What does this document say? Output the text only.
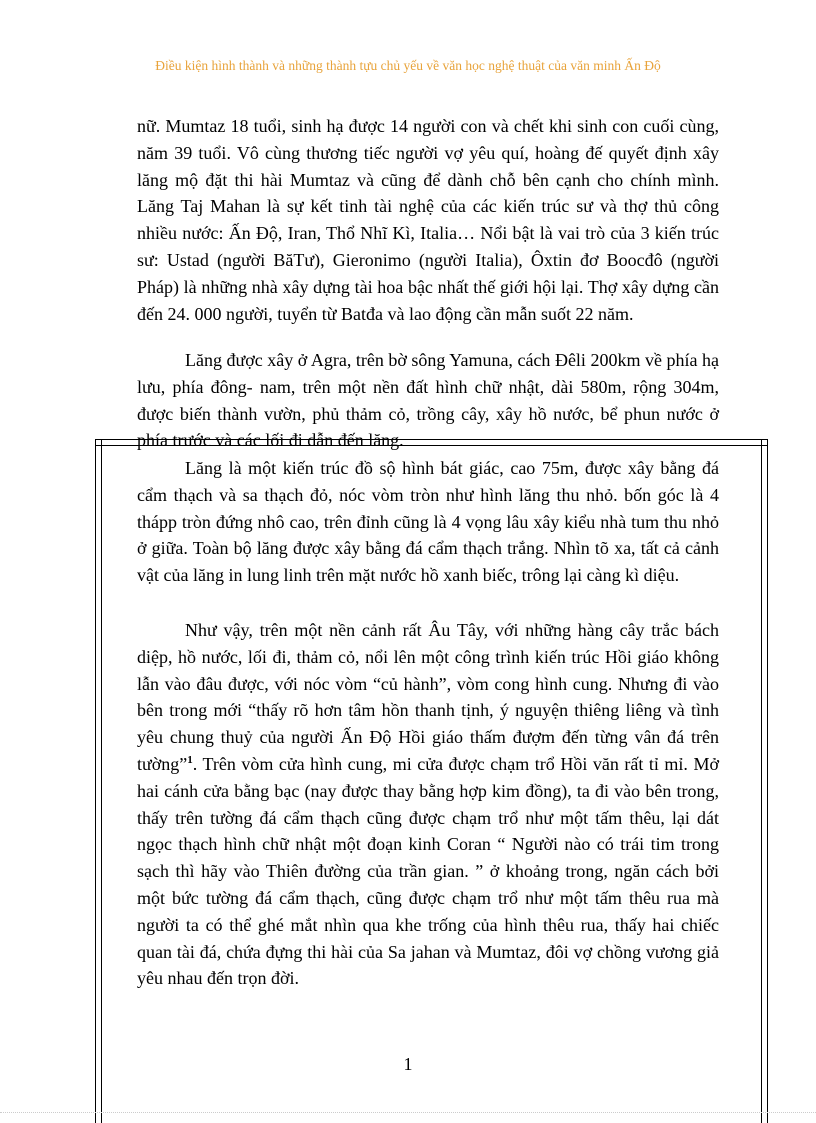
Điều kiện hình thành và những thành tựu chủ yếu về văn học nghệ thuật của văn minh Ấn Độ

nữ. Mumtaz 18 tuổi, sinh hạ được 14 người con và chết khi sinh con cuối cùng, năm 39 tuổi. Vô cùng thương tiếc người vợ yêu quí, hoàng đế quyết định xây lăng mộ đặt thi hài Mumtaz và cũng để dành chỗ bên cạnh cho chính mình. Lăng Taj Mahan là sự kết tinh tài nghệ của các kiến trúc sư và thợ thủ công nhiều nước: Ấn Độ, Iran, Thổ Nhĩ Kì, Italia… Nổi bật là vai trò của 3 kiến trúc sư: Ustad (người BăTư), Gieronimo (người Italia), Ôxtin đơ Boocđô (người Pháp) là những nhà xây dựng tài hoa bậc nhất thế giới hội lại. Thợ xây dựng cần đến 24. 000 người, tuyển từ Batđa và lao động cần mẫn suốt 22 năm.

Lăng được xây ở Agra, trên bờ sông Yamuna, cách Đêli 200km về phía hạ lưu, phía đông- nam, trên một nền đất hình chữ nhật, dài 580m, rộng 304m, được biến thành vườn, phủ thảm cỏ, trồng cây, xây hồ nước, bể phun nước ở phía trước và các lối đi dẫn đến lăng.

Lăng là một kiến trúc đồ sộ hình bát giác, cao 75m, được xây bằng đá cẩm thạch và sa thạch đỏ, nóc vòm tròn như hình lăng thu nhỏ. bốn góc là 4 thápp tròn đứng nhô cao, trên đỉnh cũng là 4 vọng lâu xây kiểu nhà tum thu nhỏ ở giữa. Toàn bộ lăng được xây bằng đá cẩm thạch trắng. Nhìn tõ xa, tất cả cảnh vật của lăng in lung linh trên mặt nước hồ xanh biếc, trông lại càng kì diệu.

Như vậy, trên một nền cảnh rất Âu Tây, với những hàng cây trắc bách diệp, hồ nước, lối đi, thảm cỏ, nổi lên một công trình kiến trúc Hồi giáo không lẫn vào đâu được, với nóc vòm “củ hành”, vòm cong hình cung. Nhưng đi vào bên trong mới “thấy rõ hơn tâm hồn thanh tịnh, ý nguyện thiêng liêng và tình yêu chung thuỷ của người Ấn Độ Hồi giáo thấm đượm đến từng vân đá trên tường”$^1$. Trên vòm cửa hình cung, mi cửa được chạm trổ Hồi văn rất tỉ mỉ. Mở hai cánh cửa bằng bạc (nay được thay bằng hợp kim đồng), ta đi vào bên trong, thấy trên tường đá cẩm thạch cũng được chạm trổ như một tấm thêu, lại dát ngọc thạch hình chữ nhật một đoạn kinh Coran “ Người nào có trái tim trong sạch thì hãy vào Thiên đường của trần gian. ” ở khoảng trong, ngăn cách bởi một bức tường đá cẩm thạch, cũng được chạm trổ như một tấm thêu rua mà người ta có thể ghé mắt nhìn qua khe trống của hình thêu rua, thấy hai chiếc quan tài đá, chứa đựng thi hài của Sa jahan và Mumtaz, đôi vợ chồng vương giả yêu nhau đến trọn đời.

1
